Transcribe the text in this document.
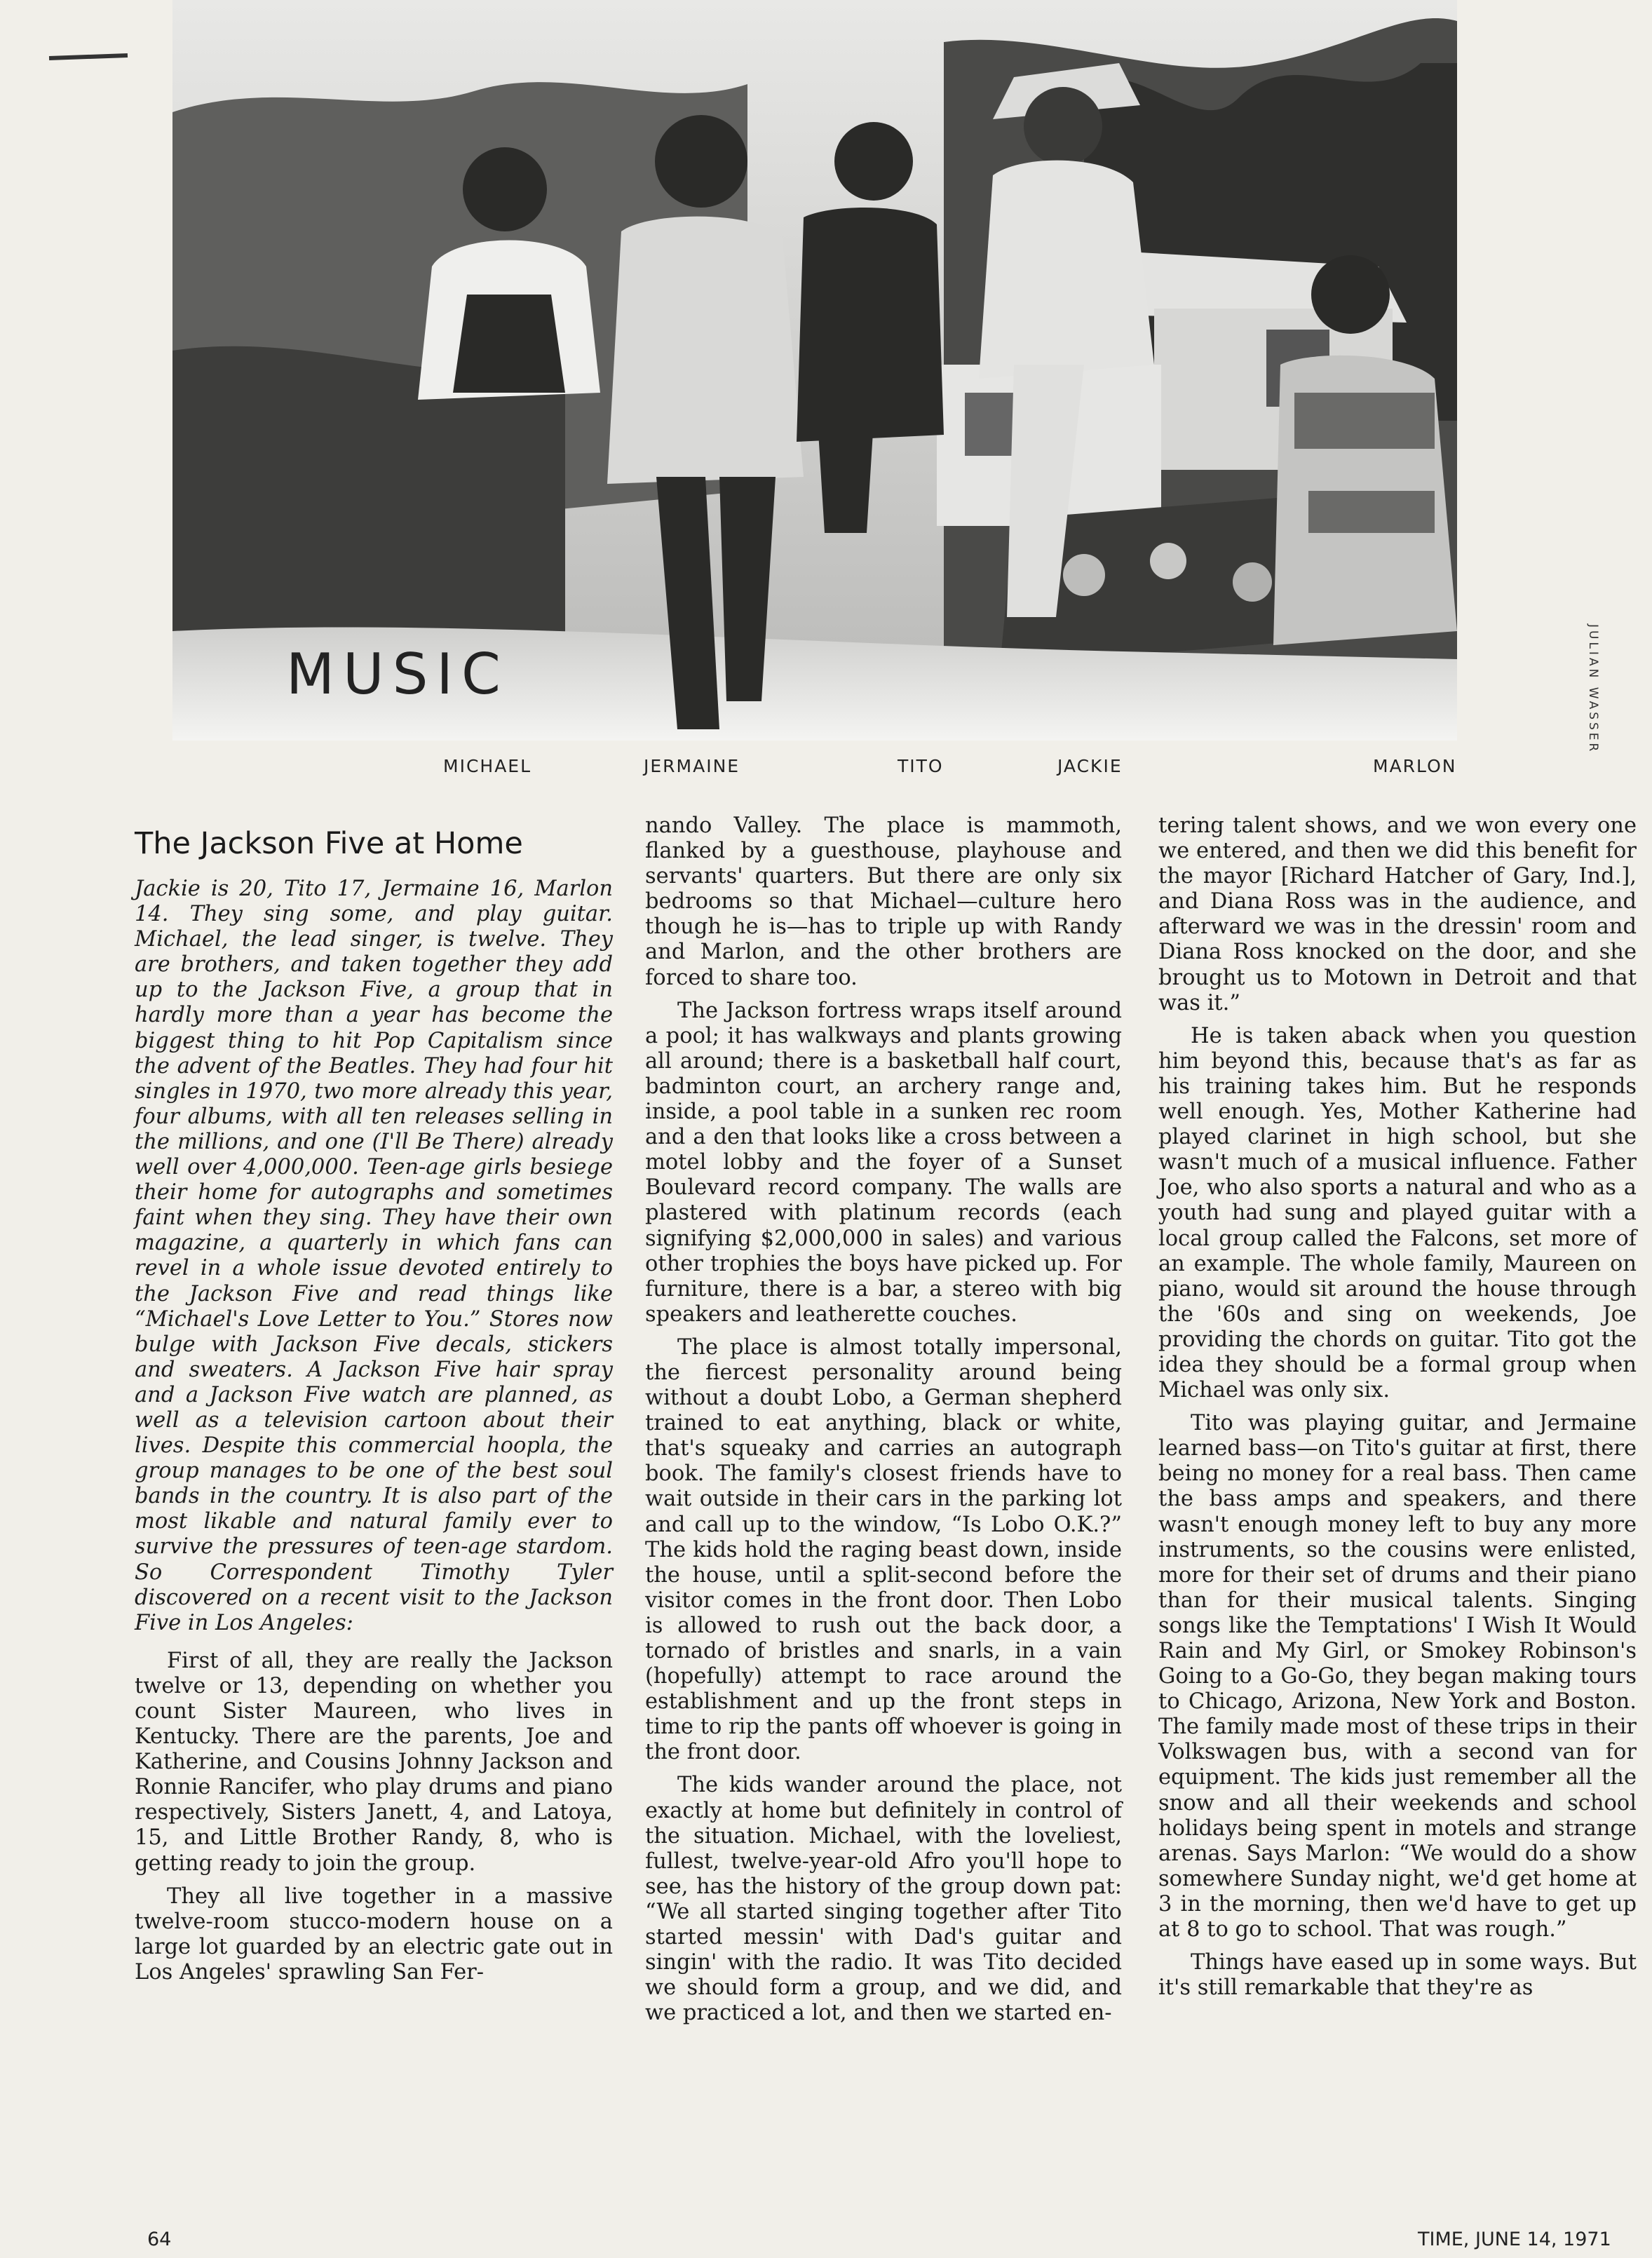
JULIAN WASSER
MUSIC
MICHAEL	JERMAINE	TITO	JACKIE	MARLON
The Jackson Five at Home

Jackie is 20, Tito 17, Jermaine 16, Marlon 14. They sing some, and play guitar. Michael, the lead singer, is twelve. They are brothers, and taken together they add up to the Jackson Five, a group that in hardly more than a year has become the biggest thing to hit Pop Capitalism since the advent of the Beatles. They had four hit singles in 1970, two more already this year, four albums, with all ten releases selling in the millions, and one (I'll Be There) already well over 4,000,000. Teen-age girls besiege their home for autographs and sometimes faint when they sing. They have their own magazine, a quarterly in which fans can revel in a whole issue devoted entirely to the Jackson Five and read things like “Michael's Love Letter to You.” Stores now bulge with Jackson Five decals, stickers and sweaters. A Jackson Five hair spray and a Jackson Five watch are planned, as well as a television cartoon about their lives. Despite this commercial hoopla, the group manages to be one of the best soul bands in the country. It is also part of the most likable and natural family ever to survive the pressures of teen-age stardom. So Correspondent Timothy Tyler discovered on a recent visit to the Jackson Five in Los Angeles:

First of all, they are really the Jackson twelve or 13, depending on whether you count Sister Maureen, who lives in Kentucky. There are the parents, Joe and Katherine, and Cousins Johnny Jackson and Ronnie Rancifer, who play drums and piano respectively, Sisters Janett, 4, and Latoya, 15, and Little Brother Randy, 8, who is getting ready to join the group.

They all live together in a massive twelve-room stucco-modern house on a large lot guarded by an electric gate out in Los Angeles' sprawling San Fer-

nando Valley. The place is mammoth, flanked by a guesthouse, playhouse and servants' quarters. But there are only six bedrooms so that Michael—culture hero though he is—has to triple up with Randy and Marlon, and the other brothers are forced to share too.

The Jackson fortress wraps itself around a pool; it has walkways and plants growing all around; there is a basketball half court, badminton court, an archery range and, inside, a pool table in a sunken rec room and a den that looks like a cross between a motel lobby and the foyer of a Sunset Boulevard record company. The walls are plastered with platinum records (each signifying $2,000,000 in sales) and various other trophies the boys have picked up. For furniture, there is a bar, a stereo with big speakers and leatherette couches.

The place is almost totally impersonal, the fiercest personality around being without a doubt Lobo, a German shepherd trained to eat anything, black or white, that's squeaky and carries an autograph book. The family's closest friends have to wait outside in their cars in the parking lot and call up to the window, “Is Lobo O.K.?” The kids hold the raging beast down, inside the house, until a split-second before the visitor comes in the front door. Then Lobo is allowed to rush out the back door, a tornado of bristles and snarls, in a vain (hopefully) attempt to race around the establishment and up the front steps in time to rip the pants off whoever is going in the front door.

The kids wander around the place, not exactly at home but definitely in control of the situation. Michael, with the loveliest, fullest, twelve-year-old Afro you'll hope to see, has the history of the group down pat: “We all started singing together after Tito started messin' with Dad's guitar and singin' with the radio. It was Tito decided we should form a group, and we did, and we practiced a lot, and then we started en-

tering talent shows, and we won every one we entered, and then we did this benefit for the mayor [Richard Hatcher of Gary, Ind.], and Diana Ross was in the audience, and afterward we was in the dressin' room and Diana Ross knocked on the door, and she brought us to Motown in Detroit and that was it.”

He is taken aback when you question him beyond this, because that's as far as his training takes him. But he responds well enough. Yes, Mother Katherine had played clarinet in high school, but she wasn't much of a musical influence. Father Joe, who also sports a natural and who as a youth had sung and played guitar with a local group called the Falcons, set more of an example. The whole family, Maureen on piano, would sit around the house through the '60s and sing on weekends, Joe providing the chords on guitar. Tito got the idea they should be a formal group when Michael was only six.

Tito was playing guitar, and Jermaine learned bass—on Tito's guitar at first, there being no money for a real bass. Then came the bass amps and speakers, and there wasn't enough money left to buy any more instruments, so the cousins were enlisted, more for their set of drums and their piano than for their musical talents. Singing songs like the Temptations' I Wish It Would Rain and My Girl, or Smokey Robinson's Going to a Go-Go, they began making tours to Chicago, Arizona, New York and Boston. The family made most of these trips in their Volkswagen bus, with a second van for equipment. The kids just remember all the snow and all their weekends and school holidays being spent in motels and strange arenas. Says Marlon: “We would do a show somewhere Sunday night, we'd get home at 3 in the morning, then we'd have to get up at 8 to go to school. That was rough.”

Things have eased up in some ways. But it's still remarkable that they're as

64	TIME, JUNE 14, 1971
